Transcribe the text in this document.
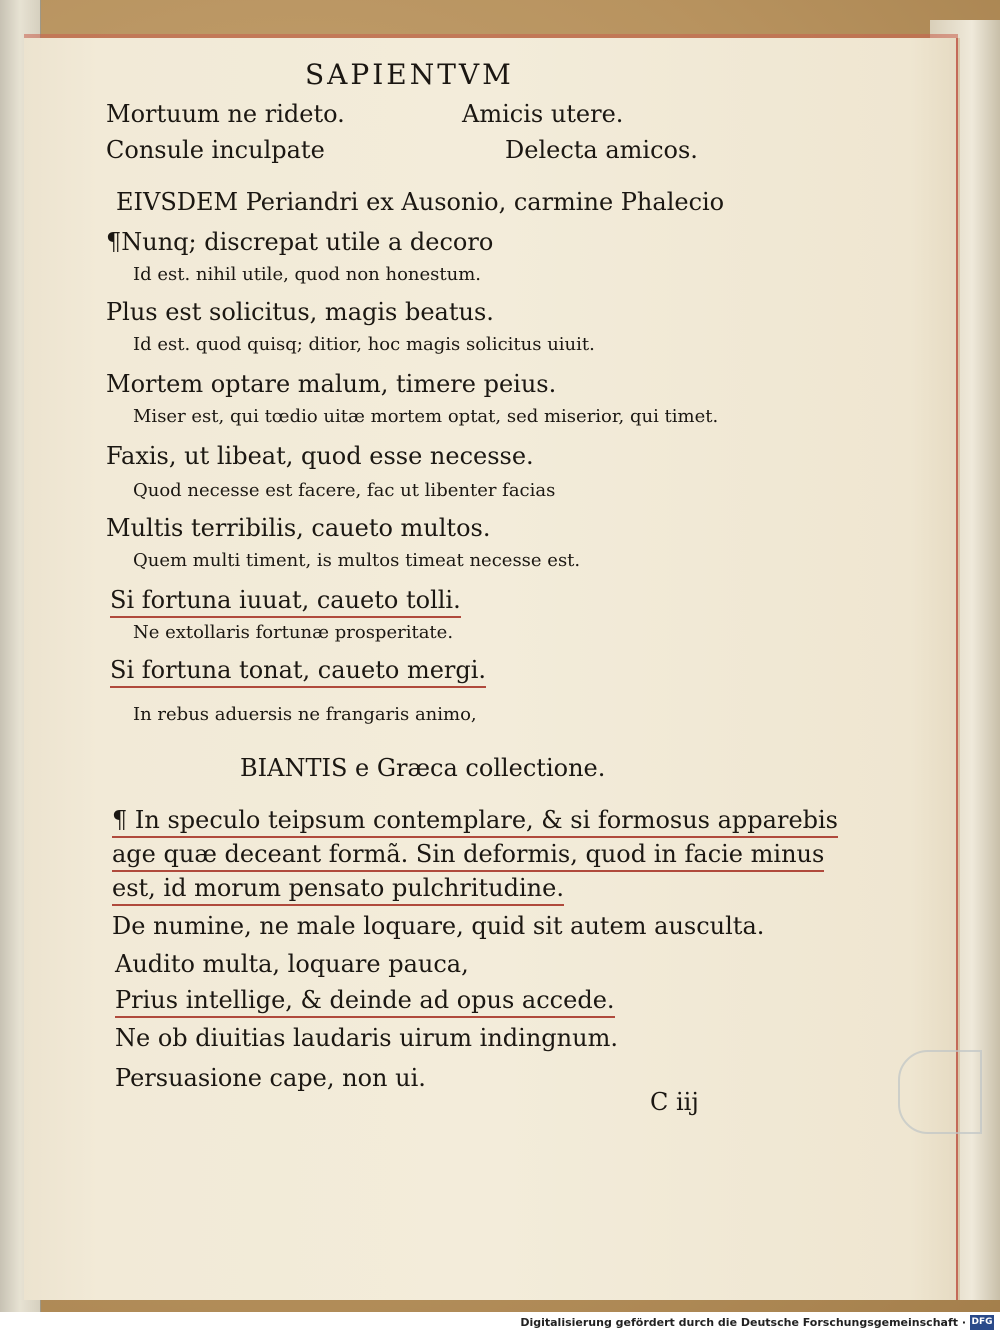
SAPIENTVM
Mortuum ne rideto.	Amicis utere.
Consule inculpate	Delecta amicos.
EIVSDEM Periandri ex Ausonio, carmine Phalecio
¶Nunq; discrepat utile a decoro
Id est. nihil utile, quod non honestum.
Plus est solicitus, magis beatus.
Id est. quod quisq; ditior, hoc magis solicitus uiuit.
Mortem optare malum, timere peius.
Miser est, qui tœdio uitæ mortem optat, sed miserior, qui timet.
Faxis, ut libeat, quod esse necesse.
Quod necesse est facere, fac ut libenter facias
Multis terribilis, caueto multos.
Quem multi timent, is multos timeat necesse est.
Si fortuna iuuat, caueto tolli.
Ne extollaris fortunæ prosperitate.
Si fortuna tonat, caueto mergi.
In rebus aduersis ne frangaris animo,
BIANTIS e Græca collectione.
¶ In speculo teipsum contemplare, & si formosus apparebis
age quæ deceant formã. Sin deformis, quod in facie minus
est, id morum pensato pulchritudine.
De numine, ne male loquare, quid sit autem ausculta.
Audito multa, loquare pauca,
Prius intellige, & deinde ad opus accede.
Ne ob diuitias laudaris uirum indingnum.
Persuasione cape, non ui.
C iij
Digitalisierung gefördert durch die Deutsche Forschungsgemeinschaft · DFG
